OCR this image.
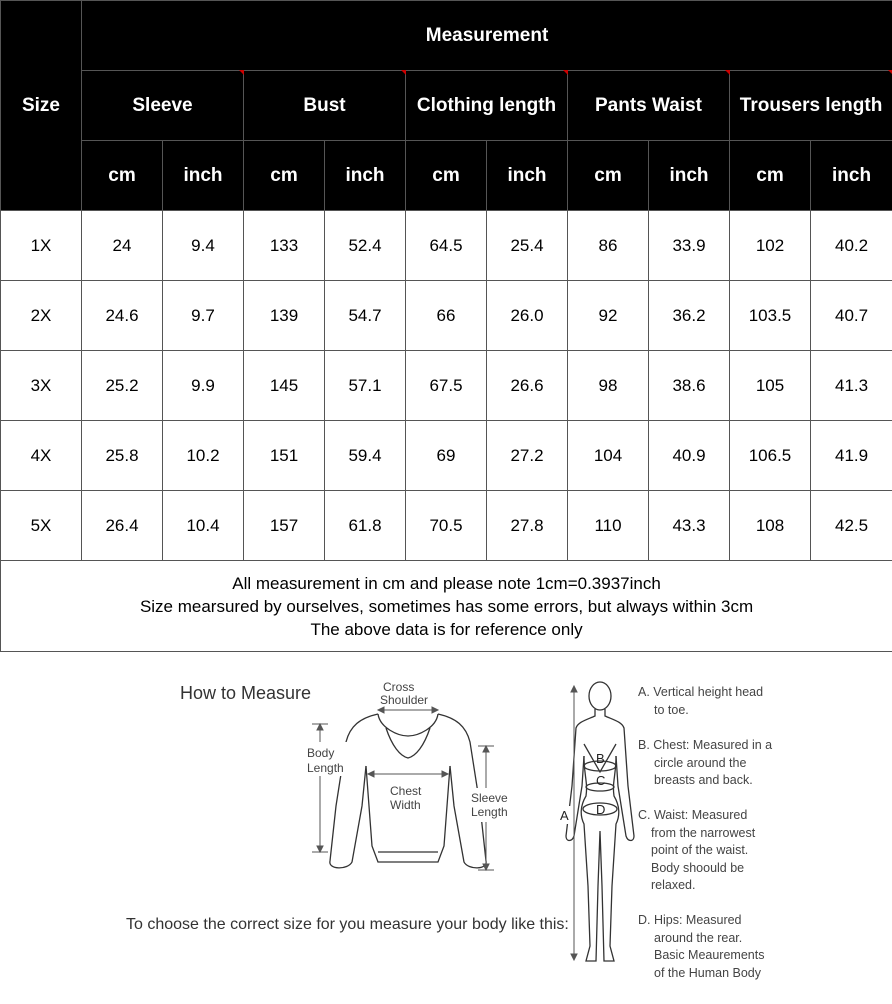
Size	Measurement									
	Sleeve		Bust		Clothing length		Pants Waist		Trousers length	
	cm	inch	cm	inch	cm	inch	cm	inch	cm	inch
1X	24	9.4	133	52.4	64.5	25.4	86	33.9	102	40.2
2X	24.6	9.7	139	54.7	66	26.0	92	36.2	103.5	40.7
3X	25.2	9.9	145	57.1	67.5	26.6	98	38.6	105	41.3
4X	25.8	10.2	151	59.4	69	27.2	104	40.9	106.5	41.9
5X	26.4	10.4	157	61.8	70.5	27.8	110	43.3	108	42.5

All measurement in cm and please note 1cm=0.3937inch
Size mearsured by ourselves, sometimes has some errors, but always within 3cm
The above data is for reference only										
How to Measure	Cross
Shoulder
Body
Length
Chest
Width	Sleeve
Length
To choose the correct size for you measure your body like this:
A
B
C
D
A. Vertical height head
to toe.
B. Chest: Measured in a
circle around the
breasts and back.
C. Waist: Measured
from the narrowest
point of the waist.
Body shoould be
relaxed.
D. Hips: Measured
around the rear.
Basic Meaurements
of the Human Body
